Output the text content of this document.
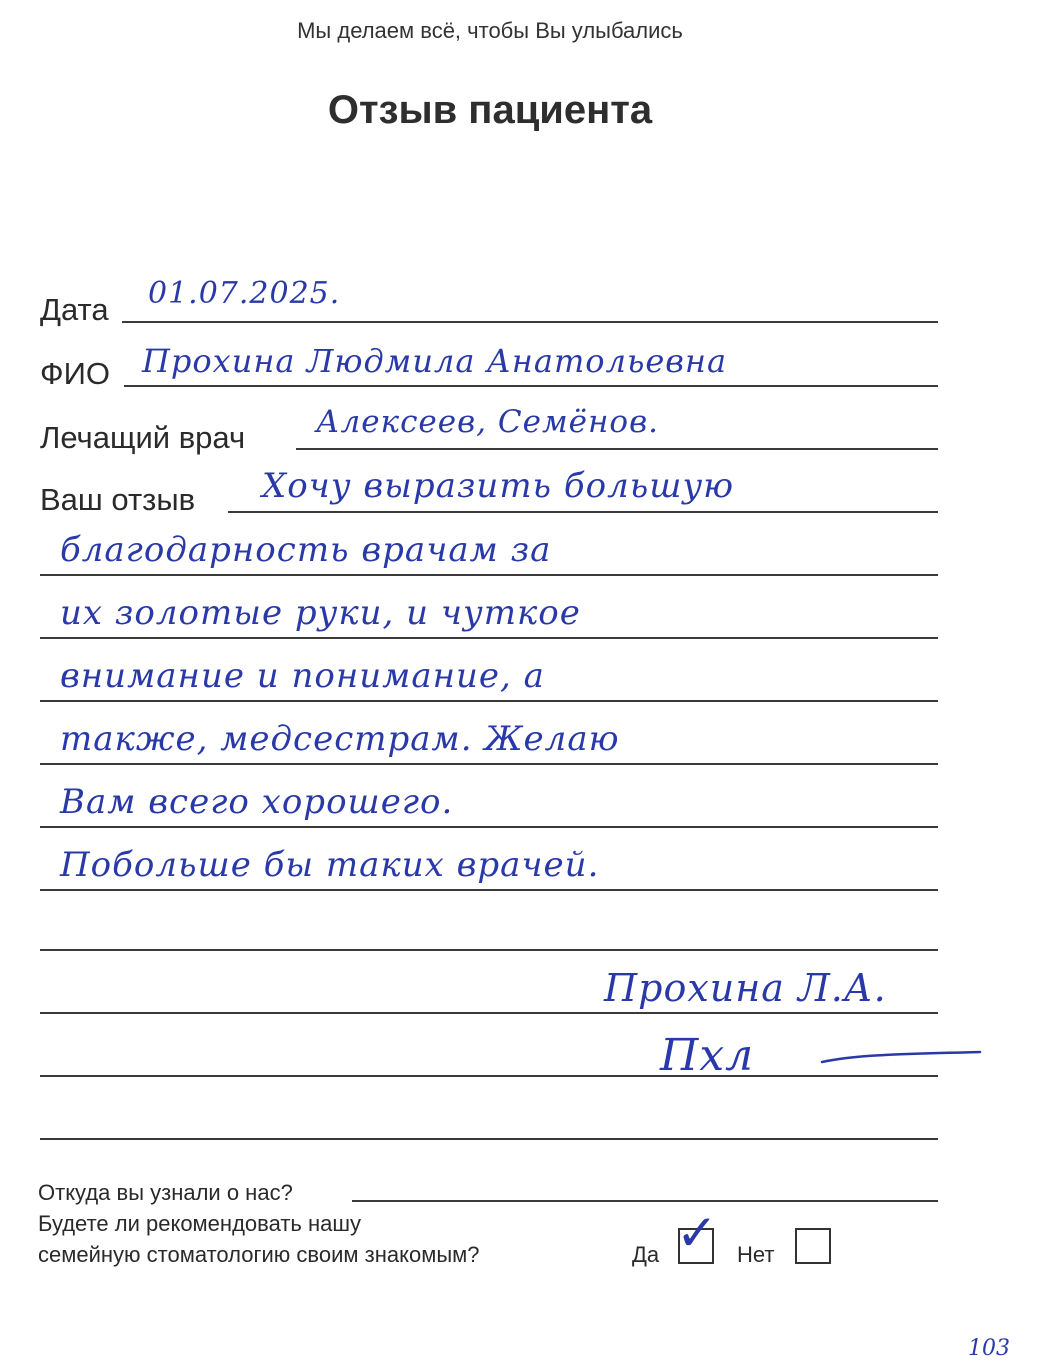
Мы делаем всё, чтобы Вы улыбались
Отзыв пациента
Дата 01.07.2025.
ФИО Прохина Людмила Анатольевна
Лечащий врач Алексеев, Семёнов.
Ваш отзыв Хочу выразить большую
благодарность врачам за
их золотые руки, и чуткое
внимание и понимание, а
также, медсестрам. Желаю
Вам всего хорошего.
Побольше бы таких врачей.
Прохина Л.А.
Пхл
Откуда вы узнали о нас?
Будете ли рекомендовать нашу
семейную стоматологию своим знакомым?	Да ✓ Нет
103
